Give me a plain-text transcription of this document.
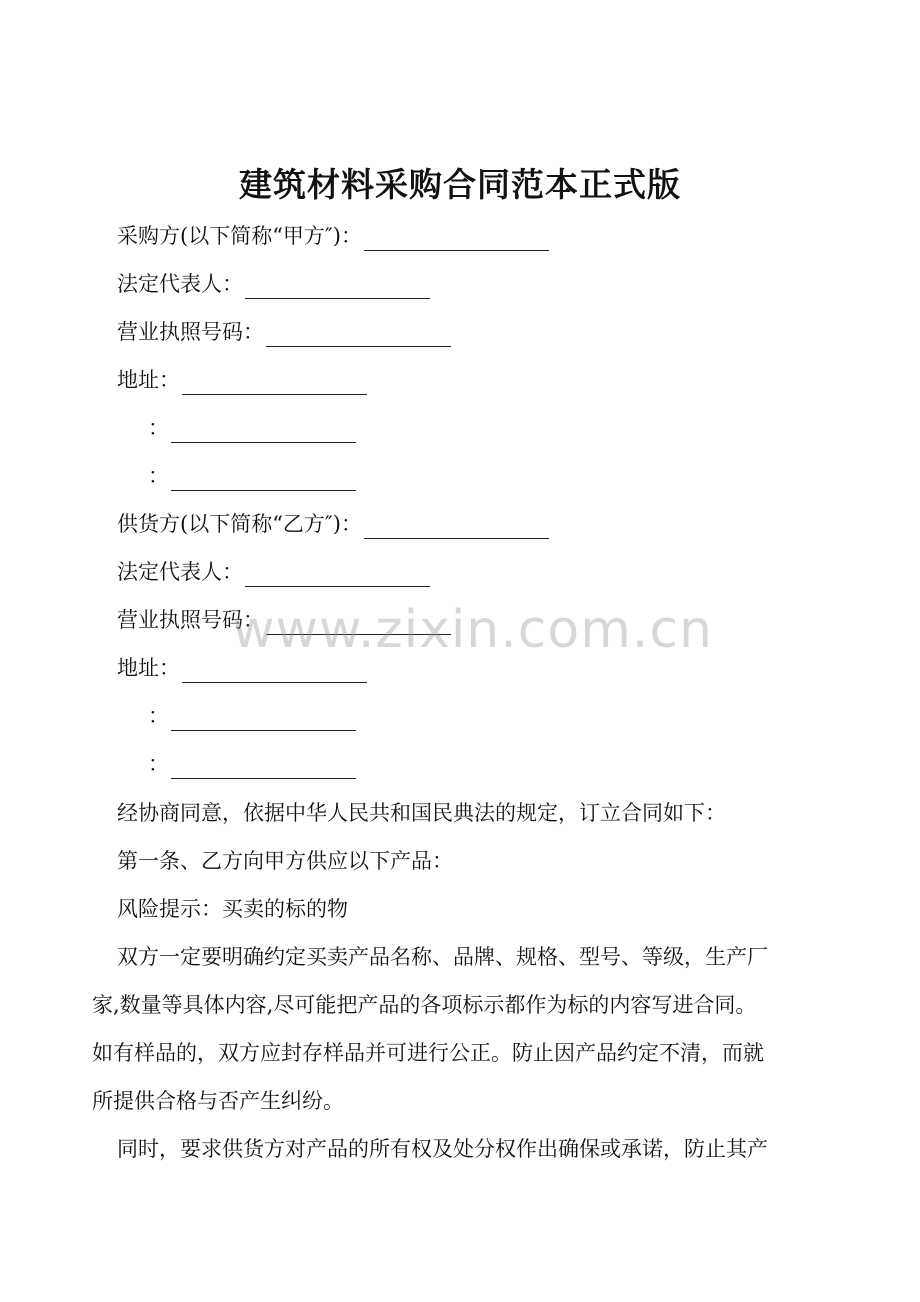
建筑材料采购合同范本正式版
采购方(以下简称“甲方″)：
法定代表人：
营业执照号码：
地址：
：
：
供货方(以下简称“乙方″)：
法定代表人：
营业执照号码：
地址：
：
：
经协商同意，依据中华人民共和国民典法的规定，订立合同如下：
第一条、乙方向甲方供应以下产品：
风险提示：买卖的标的物
双方一定要明确约定买卖产品名称、品牌、规格、型号、等级，生产厂
家,数量等具体内容,尽可能把产品的各项标示都作为标的内容写进合同。
如有样品的，双方应封存样品并可进行公正。防止因产品约定不清，而就
所提供合格与否产生纠纷。
同时，要求供货方对产品的所有权及处分权作出确保或承诺，防止其产
www.zixin.com.cn
